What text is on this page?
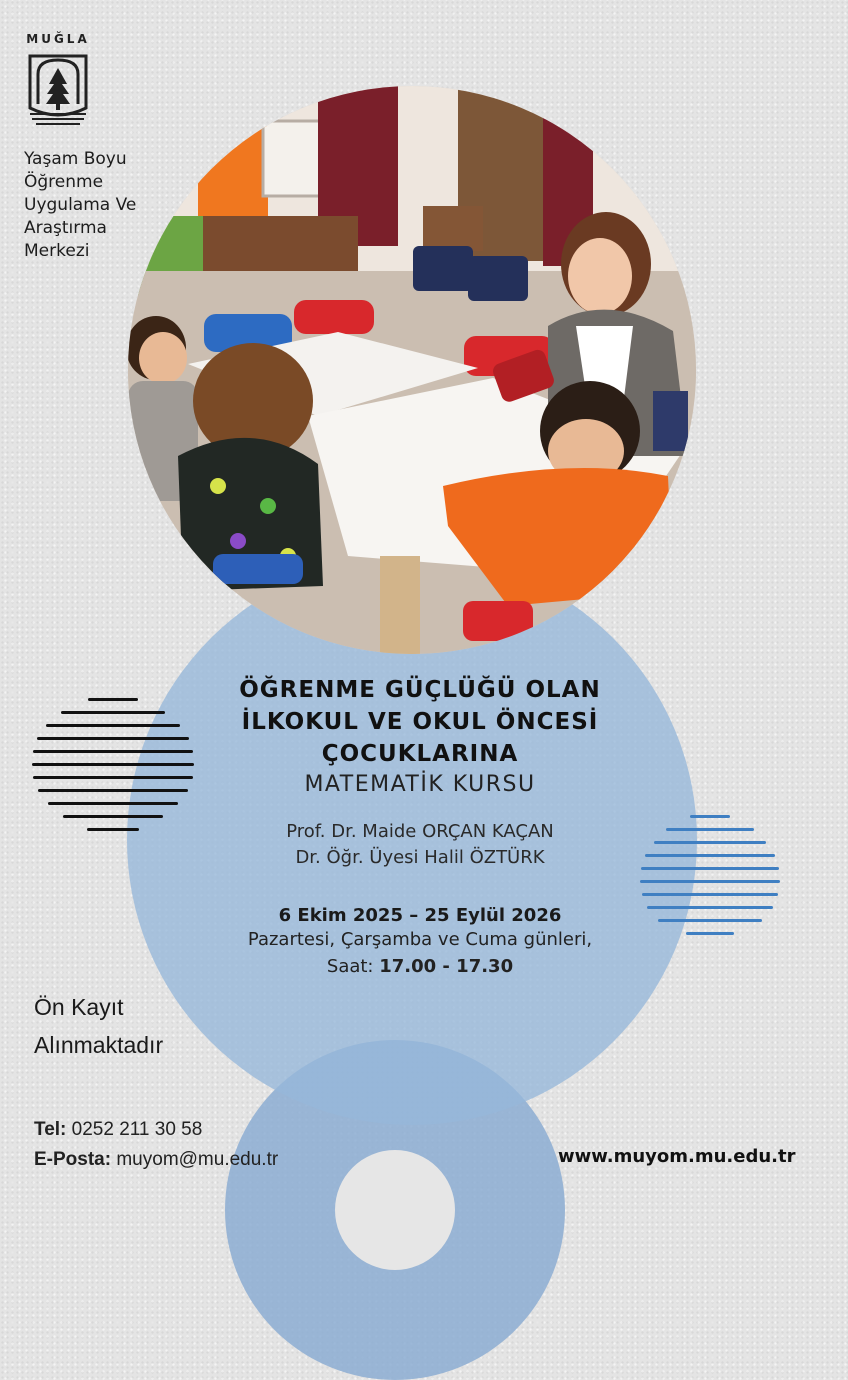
MUĞLA
Yaşam Boyu
Öğrenme
Uygulama Ve
Araştırma
Merkezi
ÖĞRENME GÜÇLÜĞÜ OLAN
İLKOKUL VE OKUL ÖNCESİ
ÇOCUKLARINA
MATEMATİK KURSU
Prof. Dr. Maide ORÇAN KAÇAN
Dr. Öğr. Üyesi Halil ÖZTÜRK
6 Ekim 2025 – 25 Eylül 2026
Pazartesi, Çarşamba ve Cuma günleri,
Saat: 17.00 - 17.30
Ön Kayıt
Alınmaktadır
Tel: 0252 211 30 58
E-Posta: muyom@mu.edu.tr	www.muyom.mu.edu.tr
